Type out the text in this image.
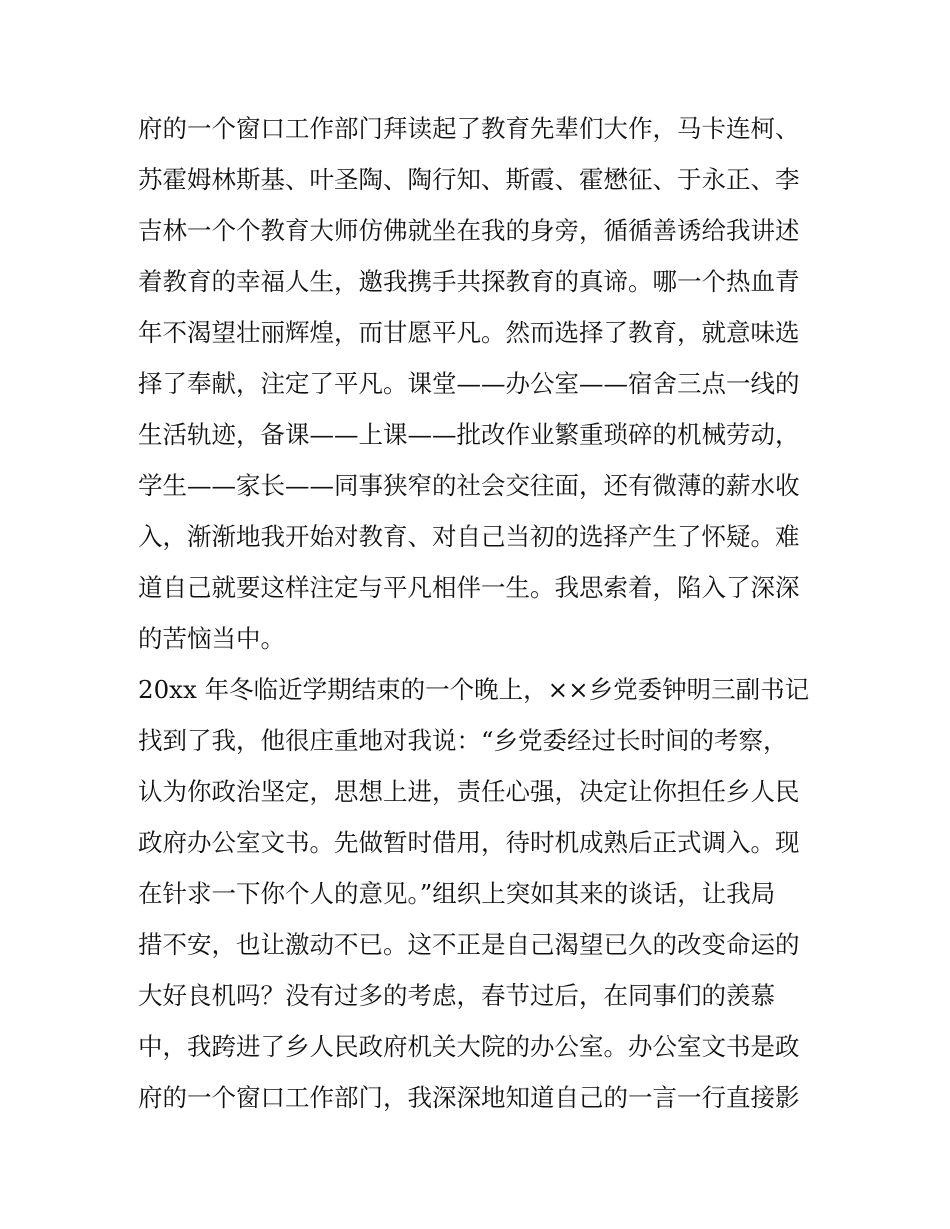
府的一个窗口工作部门拜读起了教育先辈们大作，马卡连柯、
苏霍姆林斯基、叶圣陶、陶行知、斯霞、霍懋征、于永正、李
吉林一个个教育大师仿佛就坐在我的身旁，循循善诱给我讲述
着教育的幸福人生，邀我携手共探教育的真谛。哪一个热血青
年不渴望壮丽辉煌，而甘愿平凡。然而选择了教育，就意味选
择了奉献，注定了平凡。课堂——办公室——宿舍三点一线的
生活轨迹，备课——上课——批改作业繁重琐碎的机械劳动，
学生——家长——同事狭窄的社会交往面，还有微薄的薪水收
入，渐渐地我开始对教育、对自己当初的选择产生了怀疑。难
道自己就要这样注定与平凡相伴一生。我思索着，陷入了深深
的苦恼当中。
20xx 年冬临近学期结束的一个晚上，××乡党委钟明三副书记
找到了我，他很庄重地对我说：“乡党委经过长时间的考察，
认为你政治坚定，思想上进，责任心强，决定让你担任乡人民
政府办公室文书。先做暂时借用，待时机成熟后正式调入。现
在针求一下你个人的意见。”组织上突如其来的谈话，让我局
措不安，也让激动不已。这不正是自己渴望已久的改变命运的
大好良机吗？没有过多的考虑，春节过后，在同事们的羡慕
中，我跨进了乡人民政府机关大院的办公室。办公室文书是政
府的一个窗口工作部门，我深深地知道自己的一言一行直接影
